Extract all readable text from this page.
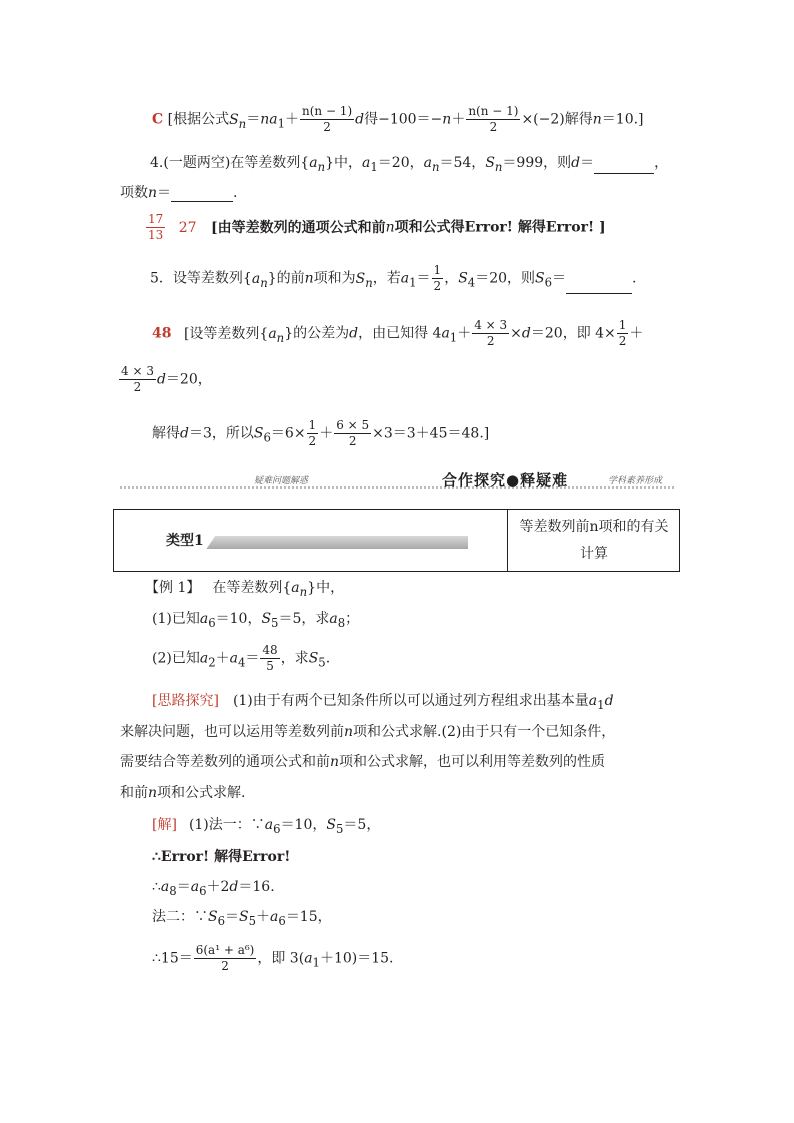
C [根据公式$S_n=na_1+ \frac{n(n - 1)}{2}$ d得$-100=-n+ \frac{n(n - 1)}{2} \times(-2)$解得n＝10.]
4.(一题两空)在等差数列$\{a_n\}$中，$a_1=20$，$a_n=54$，$S_n=999$，则d＝	，
项数n＝	.
$\frac{17}{13} 27$ [由等差数列的通项公式和前n项和公式得Error! 解得Error! ]
5．设等差数列$\{a_n\}$的前n项和为$S_n$，若$a_1= \frac{1}{2}$ ，$S_4=20$，则$S_6=$	.
48 [设等差数列$\{a_n\}$的公差为d，由已知得 $4a_1+ \frac{4 \times 3}{2} \times d=20$，即 $4\times \frac{1}{2}$ ＋
$\frac{4 \times 3}{2} d=20$，
解得d＝3，所以$S_6=6\times \frac{1}{2} + \frac{6 \times 5}{2} \times 3=3+45=48$.]
疑难问题解惑	合作探究●释疑难	学科素养形成
类型1
等差数列前n项和的有关计算
【例 1】 在等差数列$\{a_n\}$中，
(1)已知$a_6=10$，$S_5=5$，求$a_8$；
(2)已知$a_2+a_4= \frac{48}{5}$ ，求$S_5$.
[思路探究] (1)由于有两个已知条件所以可以通过列方程组求出基本量$a_1d$
来解决问题，也可以运用等差数列前n项和公式求解.(2)由于只有一个已知条件，
需要结合等差数列的通项公式和前n项和公式求解，也可以利用等差数列的性质
和前n项和公式求解.
[解] (1)法一：$\because a_6=10$，$S_5=5$，
∴Error! 解得Error!
$\therefore a_8=a_6+2d=16$.
法二：$\because S_6=S_5+a_6=15$，
∴15＝ $\frac{\text{6(a¹ + a⁶)}}{2}$ ，即 $3(a_1+10)=15$.
